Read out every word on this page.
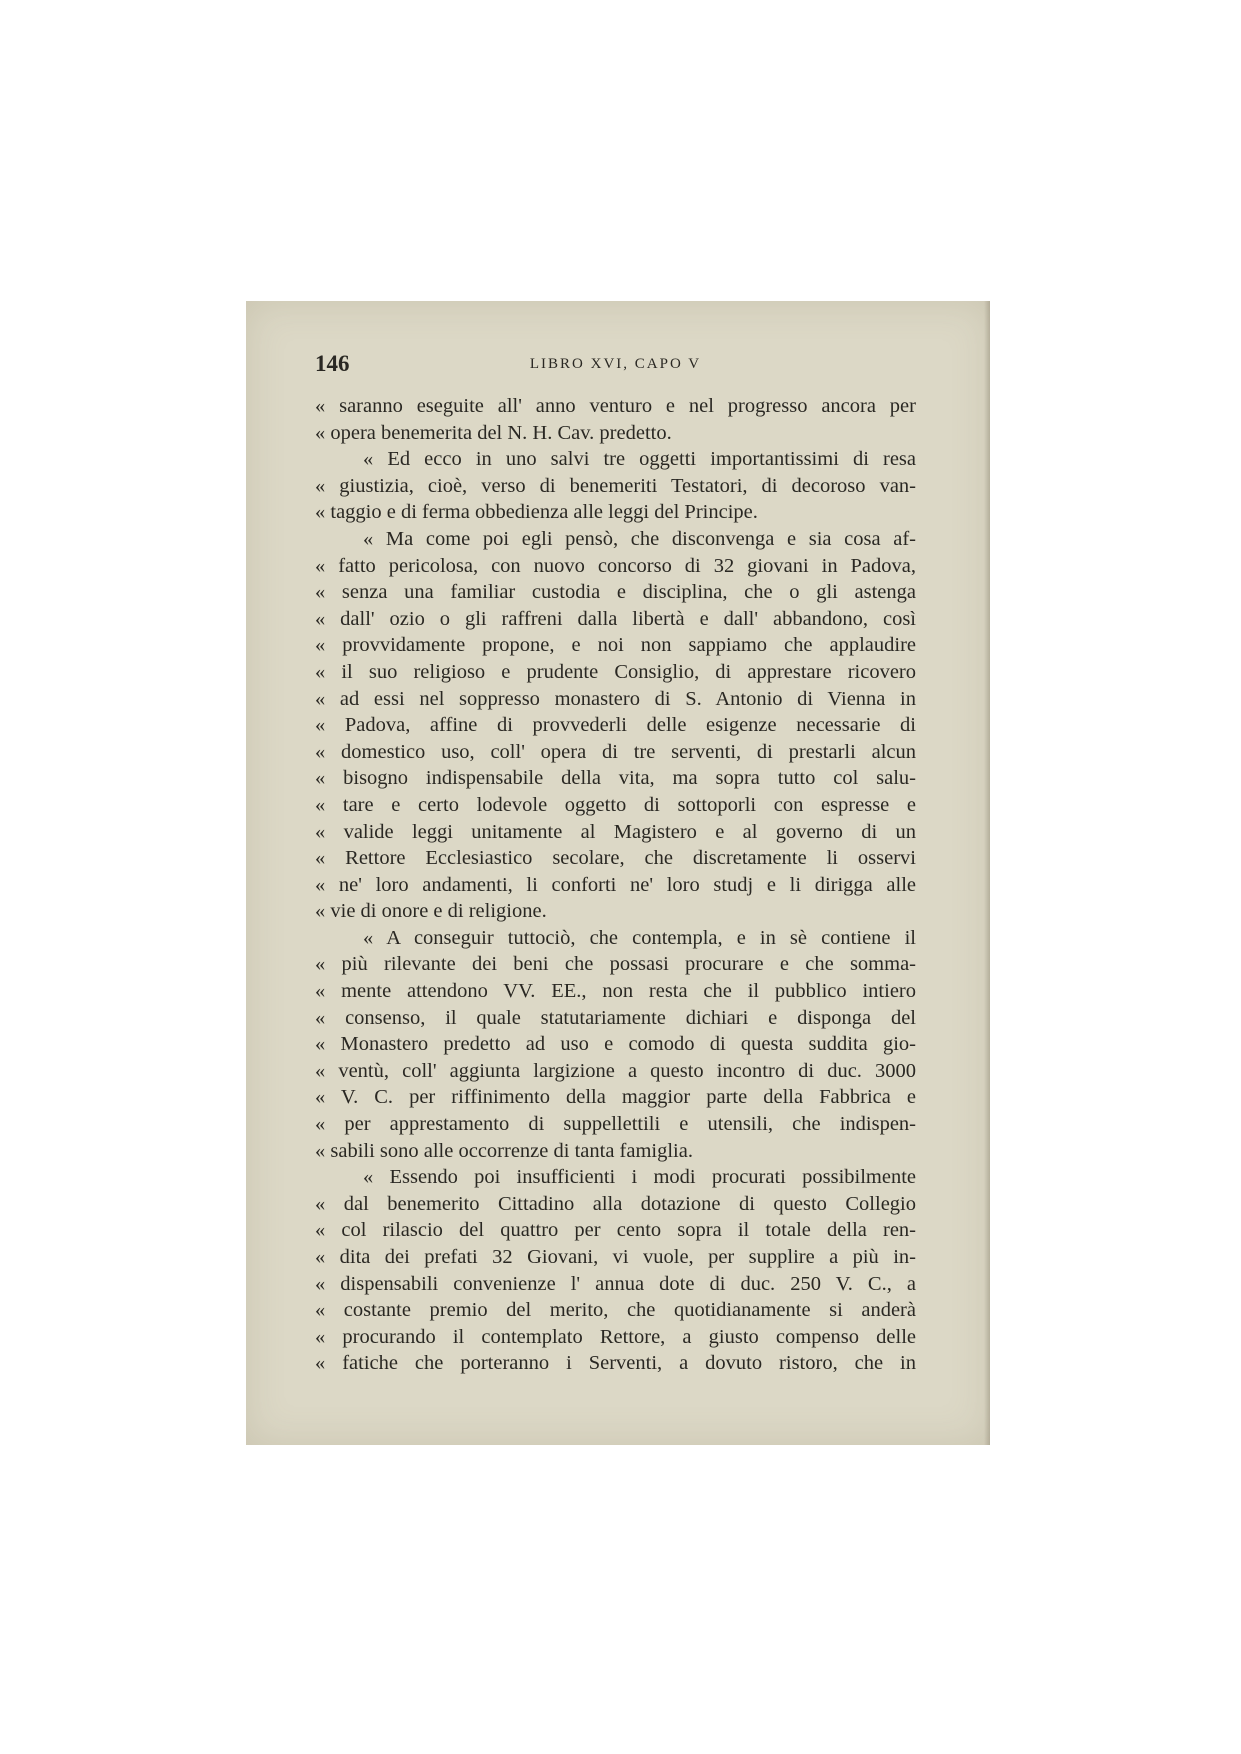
146	LIBRO XVI, CAPO V
« saranno eseguite all' anno venturo e nel progresso ancora per
« opera benemerita del N. H. Cav. predetto.
« Ed ecco in uno salvi tre oggetti importantissimi di resa
« giustizia, cioè, verso di benemeriti Testatori, di decoroso van-
« taggio e di ferma obbedienza alle leggi del Principe.
« Ma come poi egli pensò, che disconvenga e sia cosa af-
« fatto pericolosa, con nuovo concorso di 32 giovani in Padova,
« senza una familiar custodia e disciplina, che o gli astenga
« dall' ozio o gli raffreni dalla libertà e dall' abbandono, così
« provvidamente propone, e noi non sappiamo che applaudire
« il suo religioso e prudente Consiglio, di apprestare ricovero
« ad essi nel soppresso monastero di S. Antonio di Vienna in
« Padova, affine di provvederli delle esigenze necessarie di
« domestico uso, coll' opera di tre serventi, di prestarli alcun
« bisogno indispensabile della vita, ma sopra tutto col salu-
« tare e certo lodevole oggetto di sottoporli con espresse e
« valide leggi unitamente al Magistero e al governo di un
« Rettore Ecclesiastico secolare, che discretamente li osservi
« ne' loro andamenti, li conforti ne' loro studj e li dirigga alle
« vie di onore e di religione.
« A conseguir tuttociò, che contempla, e in sè contiene il
« più rilevante dei beni che possasi procurare e che somma-
« mente attendono VV. EE., non resta che il pubblico intiero
« consenso, il quale statutariamente dichiari e disponga del
« Monastero predetto ad uso e comodo di questa suddita gio-
« ventù, coll' aggiunta largizione a questo incontro di duc. 3000
« V. C. per riffinimento della maggior parte della Fabbrica e
« per apprestamento di suppellettili e utensili, che indispen-
« sabili sono alle occorrenze di tanta famiglia.
« Essendo poi insufficienti i modi procurati possibilmente
« dal benemerito Cittadino alla dotazione di questo Collegio
« col rilascio del quattro per cento sopra il totale della ren-
« dita dei prefati 32 Giovani, vi vuole, per supplire a più in-
« dispensabili convenienze l' annua dote di duc. 250 V. C., a
« costante premio del merito, che quotidianamente si anderà
« procurando il contemplato Rettore, a giusto compenso delle
« fatiche che porteranno i Serventi, a dovuto ristoro, che in
